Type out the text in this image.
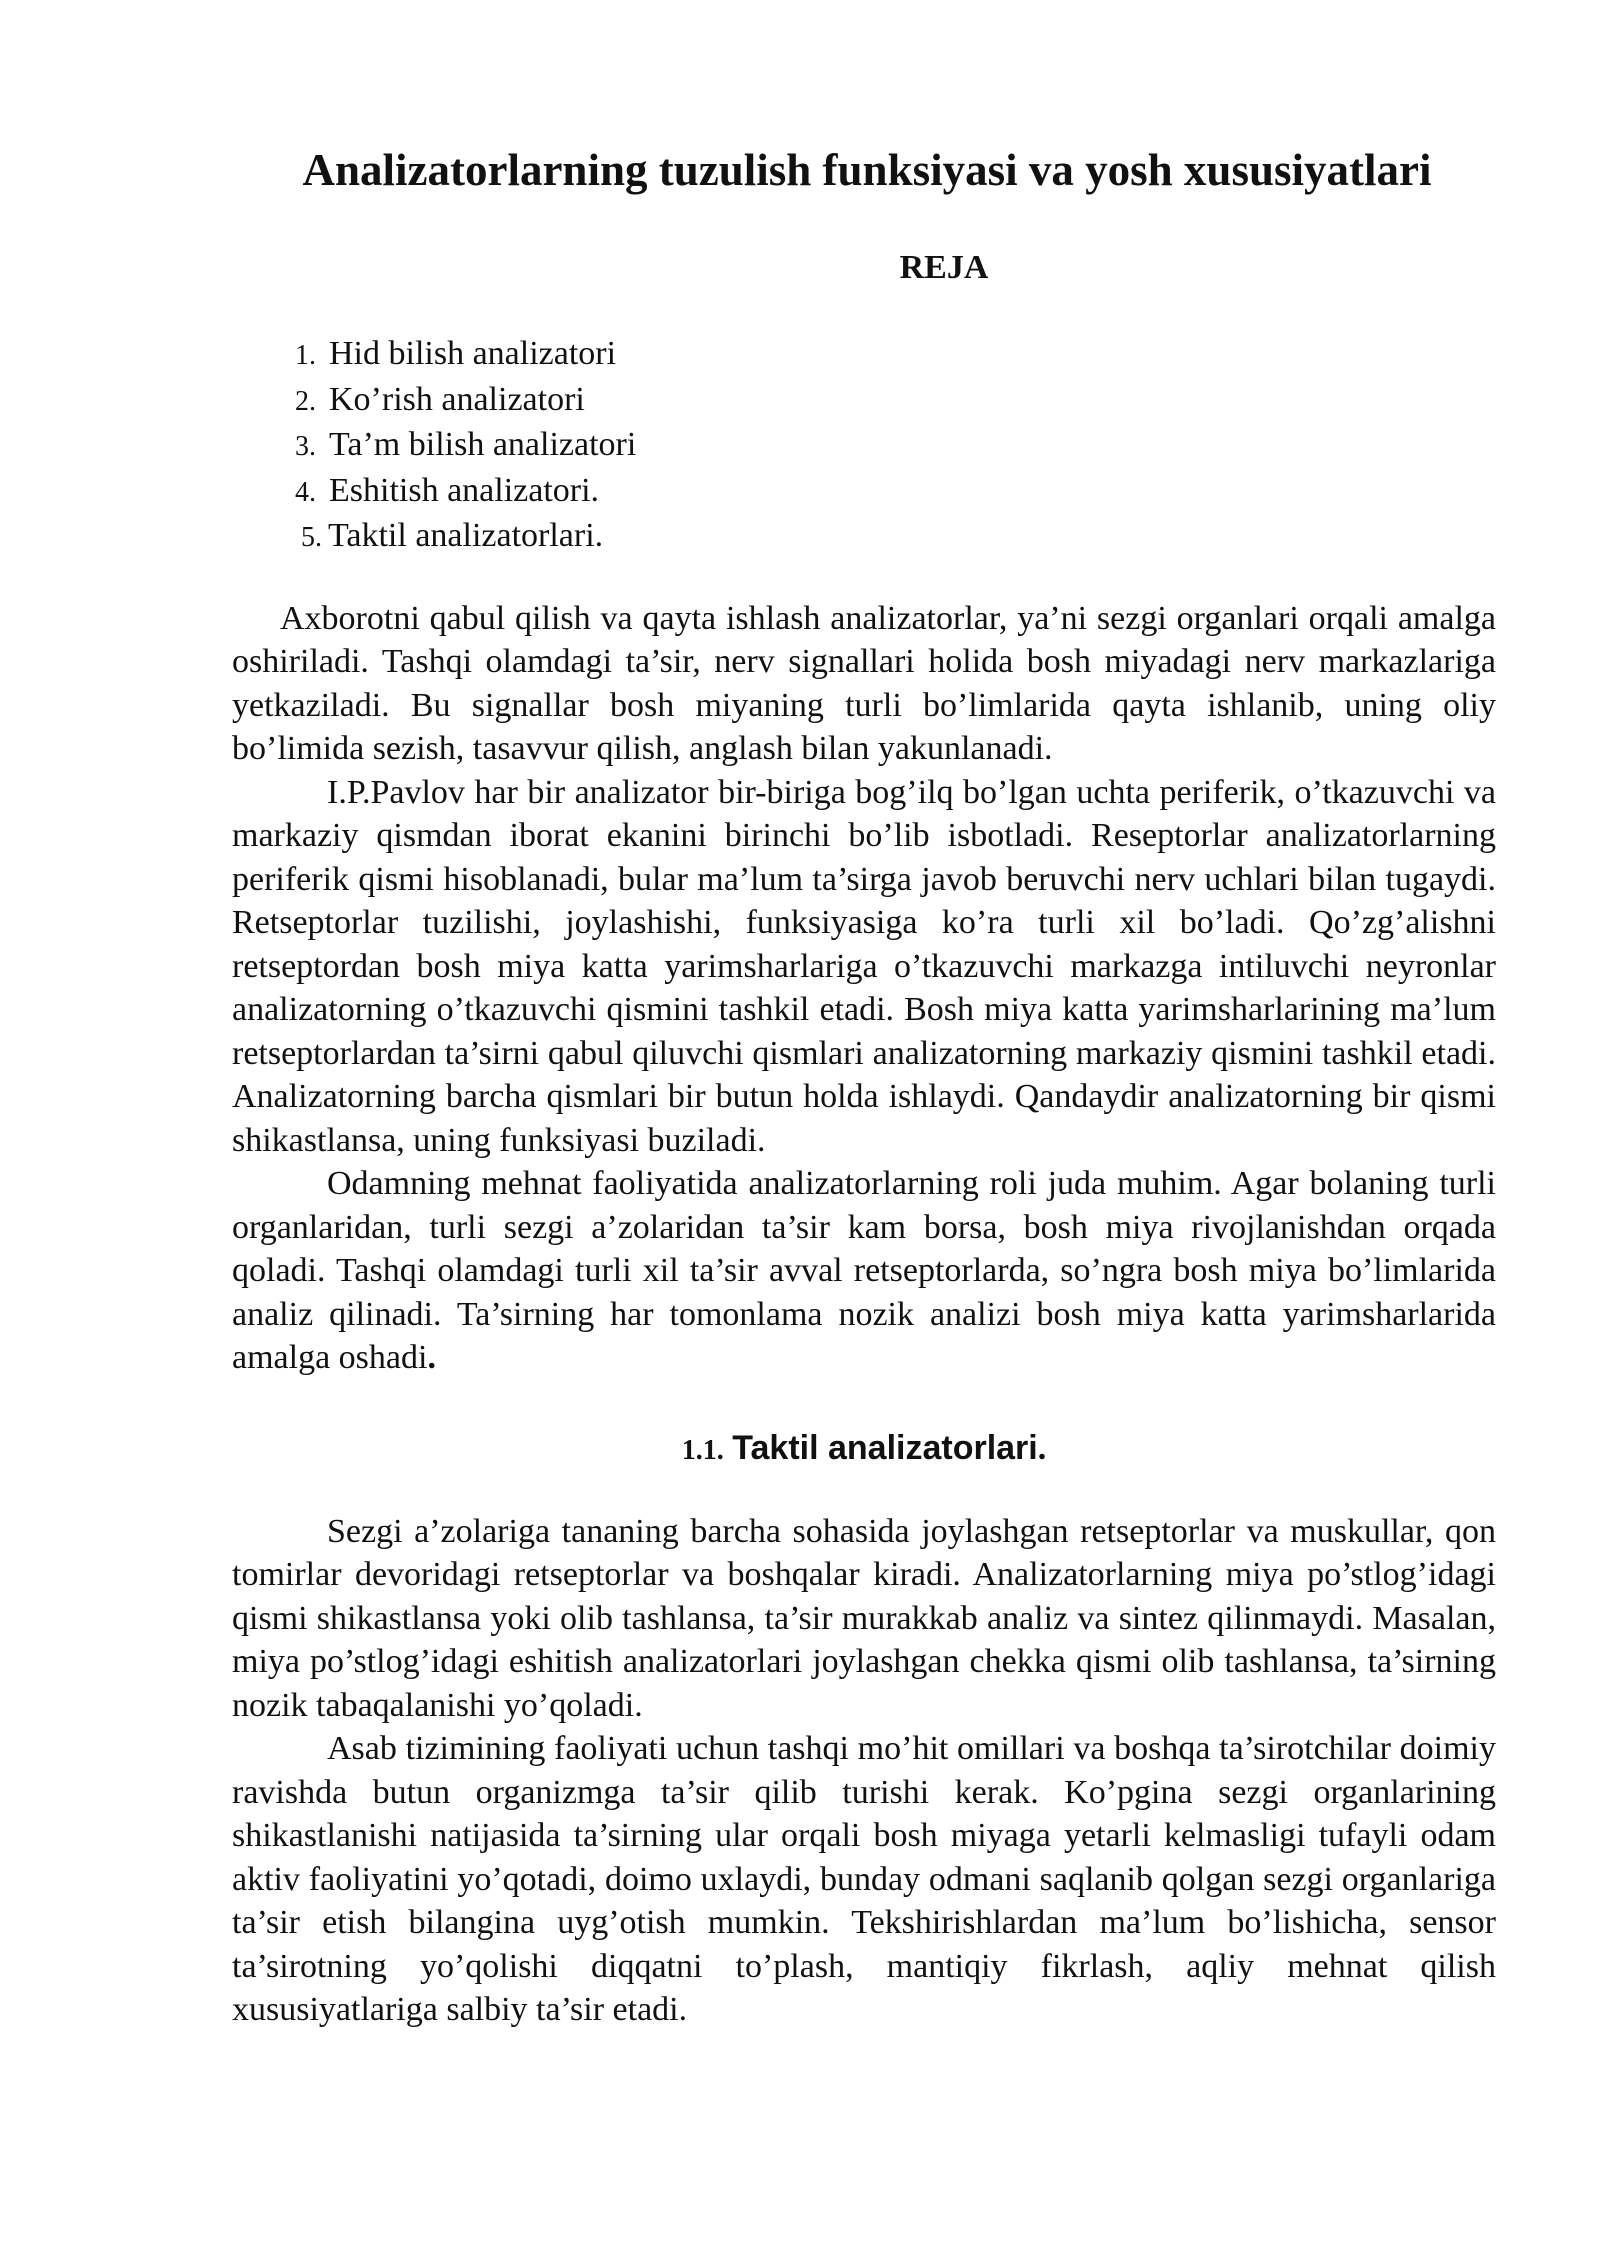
Analizatorlarning tuzulish funksiyasi va yosh xususiyatlari
REJA
1. Hid bilish analizatori
2. Ko’rish analizatori
3. Ta’m bilish analizatori
4. Eshitish analizatori.
5. Taktil analizatorlari.

Axborotni qabul qilish va qayta ishlash analizatorlar, ya’ni sezgi organlari orqali amalga oshiriladi. Tashqi olamdagi ta’sir, nerv signallari holida bosh miyadagi nerv markazlariga yetkaziladi. Bu signallar bosh miyaning turli bo’limlarida qayta ishlanib, uning oliy bo’limida sezish, tasavvur qilish, anglash bilan yakunlanadi.

I.P.Pavlov har bir analizator bir-biriga bog’ilq bo’lgan uchta periferik, o’tkazuvchi va markaziy qismdan iborat ekanini birinchi bo’lib isbotladi. Reseptorlar analizatorlarning periferik qismi hisoblanadi, bular ma’lum ta’sirga javob beruvchi nerv uchlari bilan tugaydi. Retseptorlar tuzilishi, joylashishi, funksiyasiga ko’ra turli xil bo’ladi. Qo’zg’alishni retseptordan bosh miya katta yarimsharlariga o’tkazuvchi markazga intiluvchi neyronlar analizatorning o’tkazuvchi qismini tashkil etadi. Bosh miya katta yarimsharlarining ma’lum retseptorlardan ta’sirni qabul qiluvchi qismlari analizatorning markaziy qismini tashkil etadi. Analizatorning barcha qismlari bir butun holda ishlaydi. Qandaydir analizatorning bir qismi shikastlansa, uning funksiyasi buziladi.

Odamning mehnat faoliyatida analizatorlarning roli juda muhim. Agar bolaning turli organlaridan, turli sezgi a’zolaridan ta’sir kam borsa, bosh miya rivojlanishdan orqada qoladi. Tashqi olamdagi turli xil ta’sir avval retseptorlarda, so’ngra bosh miya bo’limlarida analiz qilinadi. Ta’sirning har tomonlama nozik analizi bosh miya katta yarimsharlarida amalga oshadi.

1.1. Taktil analizatorlari.

Sezgi a’zolariga tananing barcha sohasida joylashgan retseptorlar va muskullar, qon tomirlar devoridagi retseptorlar va boshqalar kiradi. Analizatorlarning miya po’stlog’idagi qismi shikastlansa yoki olib tashlansa, ta’sir murakkab analiz va sintez qilinmaydi. Masalan, miya po’stlog’idagi eshitish analizatorlari joylashgan chekka qismi olib tashlansa, ta’sirning nozik tabaqalanishi yo’qoladi.

Asab tizimining faoliyati uchun tashqi mo’hit omillari va boshqa ta’sirotchilar doimiy ravishda butun organizmga ta’sir qilib turishi kerak. Ko’pgina sezgi organlarining shikastlanishi natijasida ta’sirning ular orqali bosh miyaga yetarli kelmasligi tufayli odam aktiv faoliyatini yo’qotadi, doimo uxlaydi, bunday odmani saqlanib qolgan sezgi organlariga ta’sir etish bilangina uyg’otish mumkin. Tekshirishlardan ma’lum bo’lishicha, sensor ta’sirotning yo’qolishi diqqatni to’plash, mantiqiy fikrlash, aqliy mehnat qilish xususiyatlariga salbiy ta’sir etadi.
